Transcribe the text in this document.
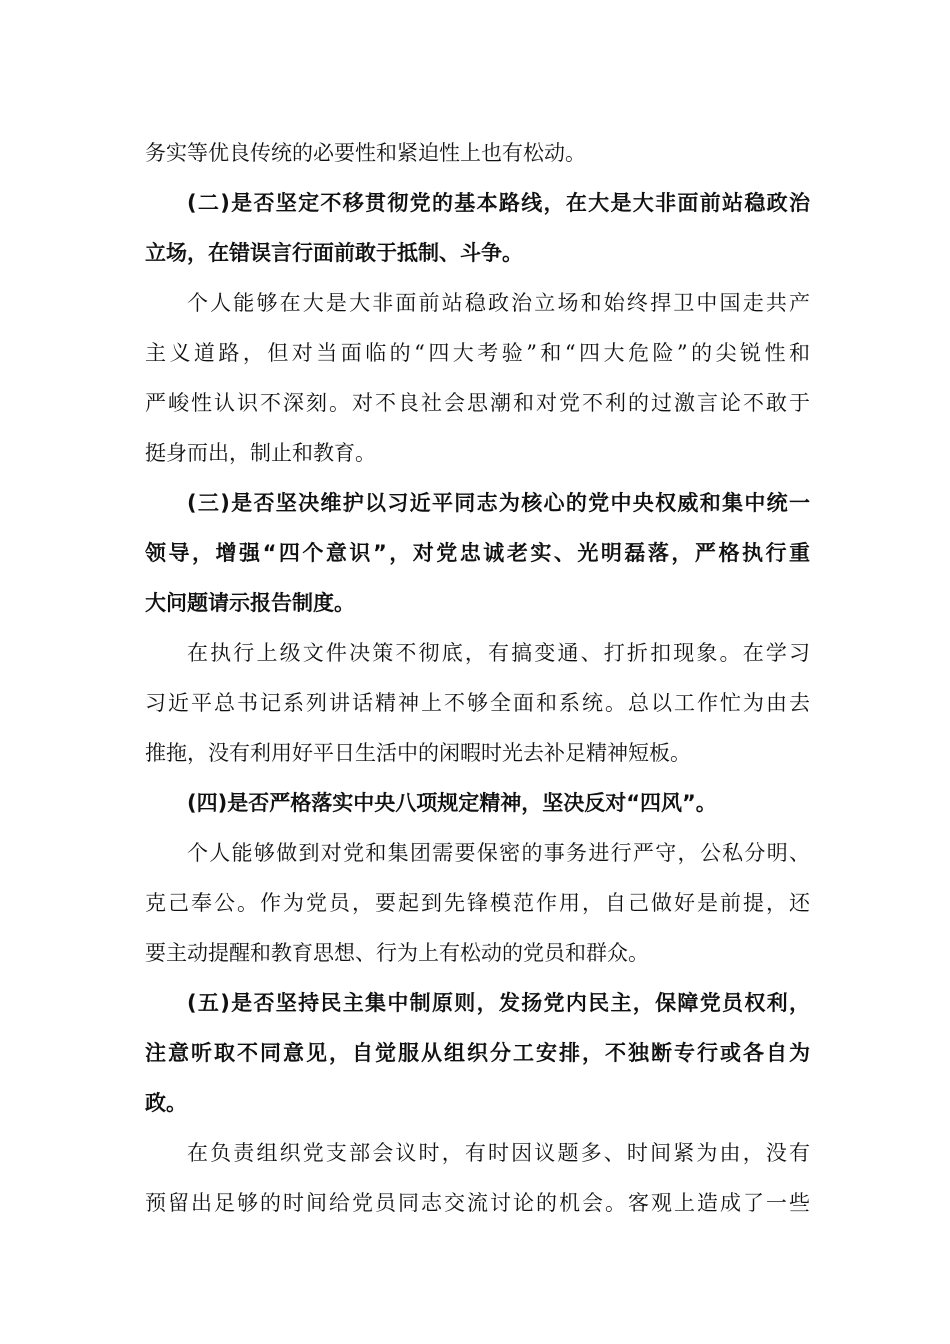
务实等优良传统的必要性和紧迫性上也有松动。
(二)是否坚定不移贯彻党的基本路线，在大是大非面前站稳政治
立场，在错误言行面前敢于抵制、斗争。
个人能够在大是大非面前站稳政治立场和始终捍卫中国走共产
主义道路，但对当面临的“四大考验”和“四大危险”的尖锐性和
严峻性认识不深刻。对不良社会思潮和对党不利的过激言论不敢于
挺身而出，制止和教育。
(三)是否坚决维护以习近平同志为核心的党中央权威和集中统一
领导，增强“四个意识”，对党忠诚老实、光明磊落，严格执行重
大问题请示报告制度。
在执行上级文件决策不彻底，有搞变通、打折扣现象。在学习
习近平总书记系列讲话精神上不够全面和系统。总以工作忙为由去
推拖，没有利用好平日生活中的闲暇时光去补足精神短板。
(四)是否严格落实中央八项规定精神，坚决反对“四风”。
个人能够做到对党和集团需要保密的事务进行严守，公私分明、
克己奉公。作为党员，要起到先锋模范作用，自己做好是前提，还
要主动提醒和教育思想、行为上有松动的党员和群众。
(五)是否坚持民主集中制原则，发扬党内民主，保障党员权利，
注意听取不同意见，自觉服从组织分工安排，不独断专行或各自为
政。
在负责组织党支部会议时，有时因议题多、时间紧为由，没有
预留出足够的时间给党员同志交流讨论的机会。客观上造成了一些
